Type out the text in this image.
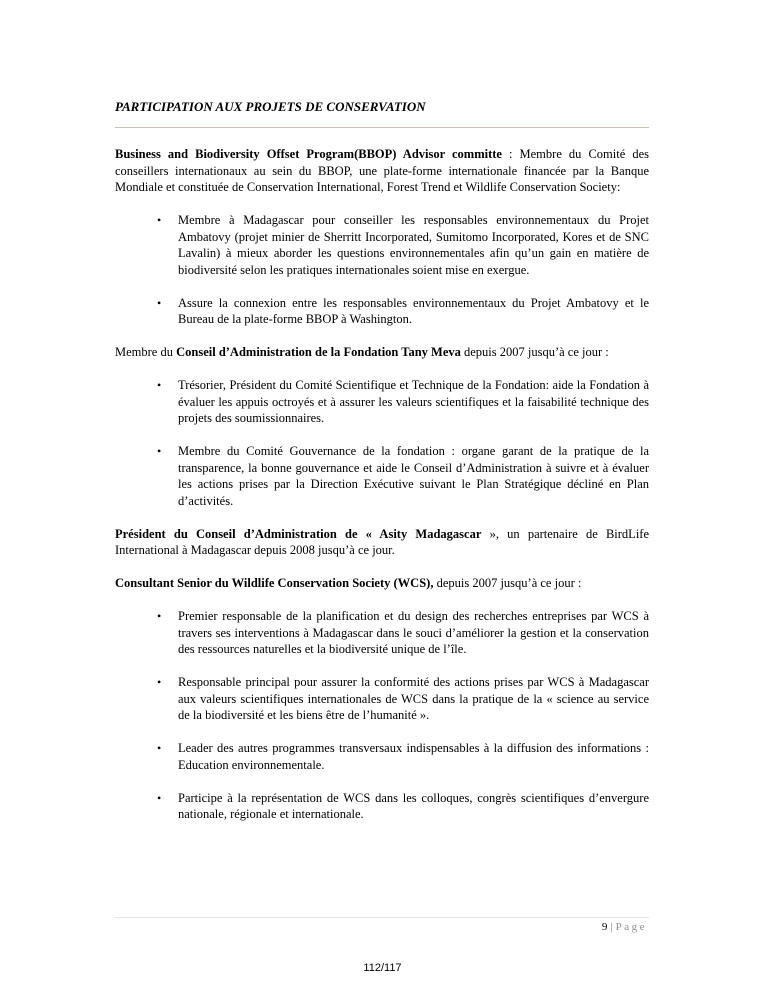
PARTICIPATION AUX PROJETS DE CONSERVATION

Business and Biodiversity Offset Program(BBOP) Advisor committe : Membre du Comité des conseillers internationaux au sein du BBOP, une plate-forme internationale financée par la Banque Mondiale et constituée de Conservation International, Forest Trend et Wildlife Conservation Society:

• Membre à Madagascar pour conseiller les responsables environnementaux du Projet Ambatovy (projet minier de Sherritt Incorporated, Sumitomo Incorporated, Kores et de SNC Lavalin) à mieux aborder les questions environnementales afin qu’un gain en matière de biodiversité selon les pratiques internationales soient mise en exergue.
• Assure la connexion entre les responsables environnementaux du Projet Ambatovy et le Bureau de la plate-forme BBOP à Washington.

Membre du Conseil d’Administration de la Fondation Tany Meva depuis 2007 jusqu’à ce jour :

• Trésorier, Président du Comité Scientifique et Technique de la Fondation: aide la Fondation à évaluer les appuis octroyés et à assurer les valeurs scientifiques et la faisabilité technique des projets des soumissionnaires.
• Membre du Comité Gouvernance de la fondation : organe garant de la pratique de la transparence, la bonne gouvernance et aide le Conseil d’Administration à suivre et à évaluer les actions prises par la Direction Exécutive suivant le Plan Stratégique décliné en Plan d’activités.

Président du Conseil d’Administration de « Asity Madagascar », un partenaire de BirdLife International à Madagascar depuis 2008 jusqu’à ce jour.

Consultant Senior du Wildlife Conservation Society (WCS), depuis 2007 jusqu’à ce jour :

• Premier responsable de la planification et du design des recherches entreprises par WCS à travers ses interventions à Madagascar dans le souci d’améliorer la gestion et la conservation des ressources naturelles et la biodiversité unique de l’île.
• Responsable principal pour assurer la conformité des actions prises par WCS à Madagascar aux valeurs scientifiques internationales de WCS dans la pratique de la « science au service de la biodiversité et les biens être de l’humanité ».
• Leader des autres programmes transversaux indispensables à la diffusion des informations : Education environnementale.
• Participe à la représentation de WCS dans les colloques, congrès scientifiques d’envergure nationale, régionale et internationale.
9 | Page
112/117
